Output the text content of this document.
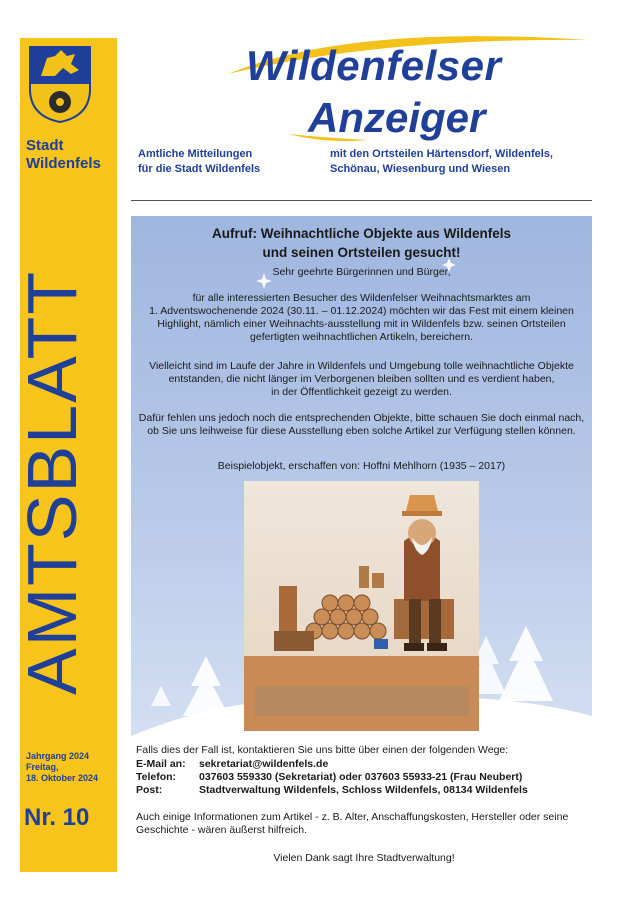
Stadt
Wildenfels
AMTSBLATT
Jahrgang 2024
Freitag,
18. Oktober 2024
Nr. 10
Wildenfelser
Anzeiger
Amtliche Mitteilungen
für die Stadt Wildenfels
mit den Ortsteilen Härtensdorf, Wildenfels,
Schönau, Wiesenburg und Wiesen
Aufruf: Weihnachtliche Objekte aus Wildenfels
und seinen Ortsteilen gesucht!
Sehr geehrte Bürgerinnen und Bürger,
für alle interessierten Besucher des Wildenfelser Weihnachtsmarktes am
1. Adventswochenende 2024 (30.11. – 01.12.2024) möchten wir das Fest mit einem kleinen
Highlight, nämlich einer Weihnachts-ausstellung mit in Wildenfels bzw. seinen Ortsteilen
gefertigten weihnachtlichen Artikeln, bereichern.
Vielleicht sind im Laufe der Jahre in Wildenfels und Umgebung tolle weihnachtliche Objekte
entstanden, die nicht länger im Verborgenen bleiben sollten und es verdient haben,
in der Öffentlichkeit gezeigt zu werden.
Dafür fehlen uns jedoch noch die entsprechenden Objekte, bitte schauen Sie doch einmal nach,
ob Sie uns leihweise für diese Ausstellung eben solche Artikel zur Verfügung stellen können.
Beispielobjekt, erschaffen von: Hoffni Mehlhorn (1935 – 2017)
Falls dies der Fall ist, kontaktieren Sie uns bitte über einen der folgenden Wege:
E-Mail an: sekretariat@wildenfels.de
Telefon: 037603 559330 (Sekretariat) oder 037603 55933-21 (Frau Neubert)
Post:	Stadtverwaltung Wildenfels, Schloss Wildenfels, 08134 Wildenfels
Auch einige Informationen zum Artikel - z. B. Alter, Anschaffungskosten, Hersteller oder seine
Geschichte - wären äußerst hilfreich.
Vielen Dank sagt Ihre Stadtverwaltung!
